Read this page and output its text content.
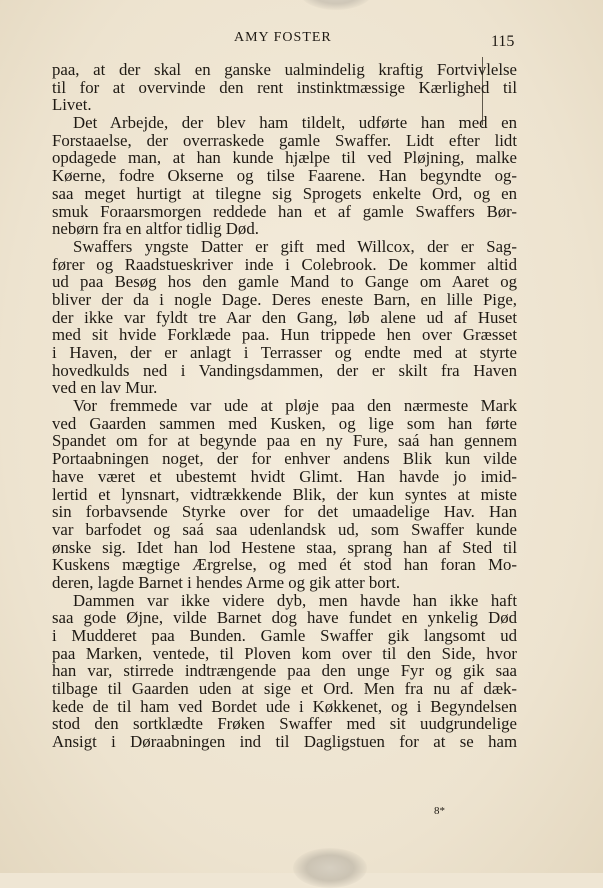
AMY FOSTER	115
paa, at der skal en ganske ualmindelig kraftig Fortvivlelse
til for at overvinde den rent instinktmæssige Kærlighed til
Livet.
Det Arbejde, der blev ham tildelt, udførte han med en
Forstaaelse, der overraskede gamle Swaffer. Lidt efter lidt
opdagede man, at han kunde hjælpe til ved Pløjning, malke
Køerne, fodre Okserne og tilse Faarene. Han begyndte og-
saa meget hurtigt at tilegne sig Sprogets enkelte Ord, og en
smuk Foraarsmorgen reddede han et af gamle Swaffers Bør-
nebørn fra en altfor tidlig Død.
Swaffers yngste Datter er gift med Willcox, der er Sag-
fører og Raadstueskriver inde i Colebrook. De kommer altid
ud paa Besøg hos den gamle Mand to Gange om Aaret og
bliver der da i nogle Dage. Deres eneste Barn, en lille Pige,
der ikke var fyldt tre Aar den Gang, løb alene ud af Huset
med sit hvide Forklæde paa. Hun trippede hen over Græsset
i Haven, der er anlagt i Terrasser og endte med at styrte
hovedkulds ned i Vandingsdammen, der er skilt fra Haven
ved en lav Mur.
Vor fremmede var ude at pløje paa den nærmeste Mark
ved Gaarden sammen med Kusken, og lige som han førte
Spandet om for at begynde paa en ny Fure, saá han gennem
Portaabningen noget, der for enhver andens Blik kun vilde
have været et ubestemt hvidt Glimt. Han havde jo imid-
lertid et lynsnart, vidtrækkende Blik, der kun syntes at miste
sin forbavsende Styrke over for det umaadelige Hav. Han
var barfodet og saá saa udenlandsk ud, som Swaffer kunde
ønske sig. Idet han lod Hestene staa, sprang han af Sted til
Kuskens mægtige Ærgrelse, og med ét stod han foran Mo-
deren, lagde Barnet i hendes Arme og gik atter bort.
Dammen var ikke videre dyb, men havde han ikke haft
saa gode Øjne, vilde Barnet dog have fundet en ynkelig Død
i Mudderet paa Bunden. Gamle Swaffer gik langsomt ud
paa Marken, ventede, til Ploven kom over til den Side, hvor
han var, stirrede indtrængende paa den unge Fyr og gik saa
tilbage til Gaarden uden at sige et Ord. Men fra nu af dæk-
kede de til ham ved Bordet ude i Køkkenet, og i Begyndelsen
stod den sortklædte Frøken Swaffer med sit uudgrundelige
Ansigt i Døraabningen ind til Dagligstuen for at se ham
8*
